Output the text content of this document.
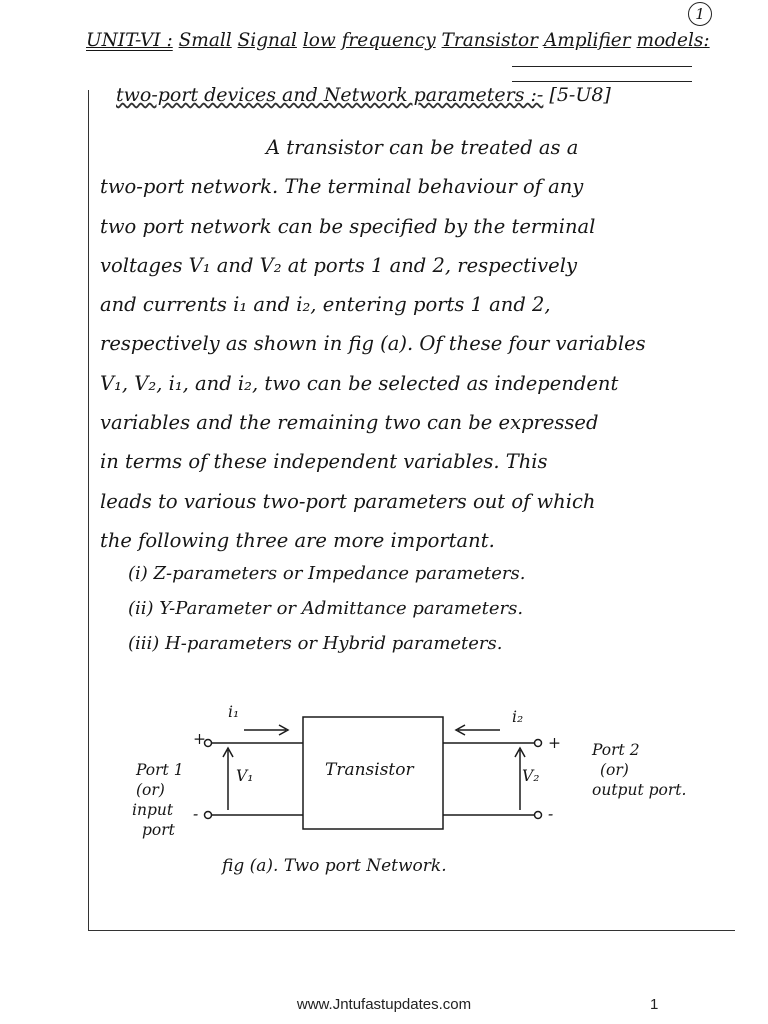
1
UNIT-VI : Small Signal low frequency Transistor Amplifier models:
two-port devices and Network parameters :- [5-U8]
A transistor can be treated as a
two-port network. The terminal behaviour of any
two port network can be specified by the terminal
voltages V₁ and V₂ at ports 1 and 2, respectively
and currents i₁ and i₂, entering ports 1 and 2,
respectively as shown in fig (a). Of these four variables
V₁, V₂, i₁, and i₂, two can be selected as independent
variables and the remaining two can be expressed
in terms of these independent variables. This
leads to various two-port parameters out of which
the following three are more important.
(i) Z-parameters or Impedance parameters.
(ii) Y-Parameter or Admittance parameters.
(iii) H-parameters or Hybrid parameters.
i₁	i₂
V₁	V₂
+
-
+
-
Transistor
Port 1
(or)
input
port
Port 2
(or)
output port.
fig (a). Two port Network.
www.Jntufastupdates.com	1
